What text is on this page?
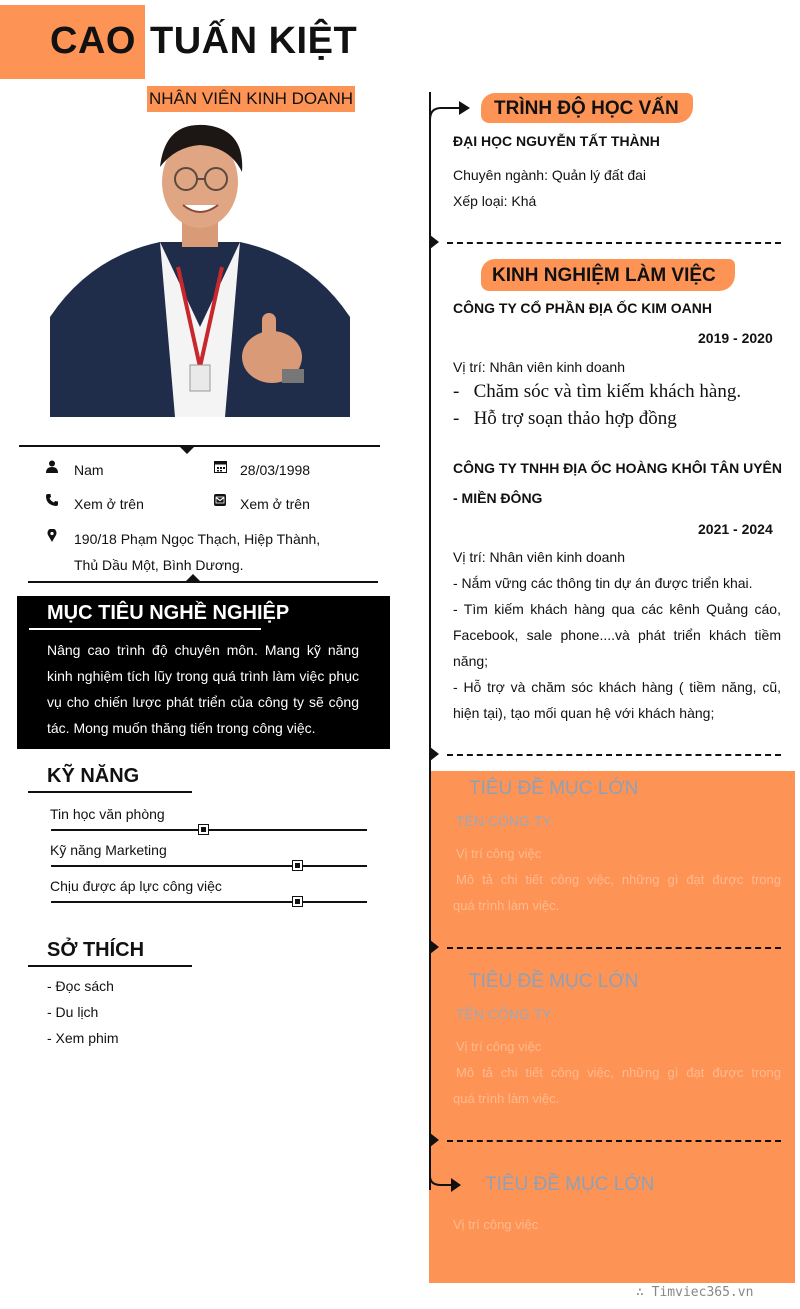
CAO TUẤN KIỆT
NHÂN VIÊN KINH DOANH
Nam	28/03/1998
Xem ở trên	Xem ở trên
190/18 Phạm Ngọc Thạch, Hiệp Thành,
Thủ Dầu Một, Bình Dương.
MỤC TIÊU NGHỀ NGHIỆP
Nâng cao trình độ chuyên môn. Mang kỹ năng kinh nghiệm tích lũy trong quá trình làm việc phục vụ cho chiến lược phát triển của công ty sẽ cộng tác. Mong muốn thăng tiến trong công việc.
KỸ NĂNG
Tin học văn phòng
Kỹ năng Marketing
Chịu được áp lực công việc
SỞ THÍCH
- Đọc sách
- Du lịch
- Xem phim
TRÌNH ĐỘ HỌC VẤN
ĐẠI HỌC NGUYỄN TẤT THÀNH
Chuyên ngành: Quản lý đất đai
Xếp loại: Khá
KINH NGHIỆM LÀM VIỆC
CÔNG TY CỔ PHẦN ĐỊA ỐC KIM OANH
2019 - 2020
Vị trí: Nhân viên kinh doanh
-   Chăm sóc và tìm kiếm khách hàng.
-   Hỗ trợ soạn thảo hợp đồng
CÔNG TY TNHH ĐỊA ỐC HOÀNG KHÔI TÂN UYÊN
- MIỀN ĐÔNG
2021 - 2024
Vị trí: Nhân viên kinh doanh
- Nắm vững các thông tin dự án được triển khai.
- Tìm kiếm khách hàng qua các kênh Quảng cáo,
Facebook, sale phone....và phát triển khách tiềm
năng;
- Hỗ trợ và chăm sóc khách hàng ( tiềm năng, cũ,
hiện tại), tạo mối quan hệ với khách hàng;
TIÊU ĐỀ MỤC LỚN
TÊN CÔNG TY
Vị trí công việc
Mô tả chi tiết công việc, những gì đạt được trong
quá trình làm việc.
TIÊU ĐỀ MỤC LỚN
TÊN CÔNG TY
Vị trí công việc
Mô tả chi tiết công việc, những gì đạt được trong
quá trình làm việc.
TIÊU ĐỀ MỤC LỚN
Vị trí công việc
∴ Timviec365.vn
